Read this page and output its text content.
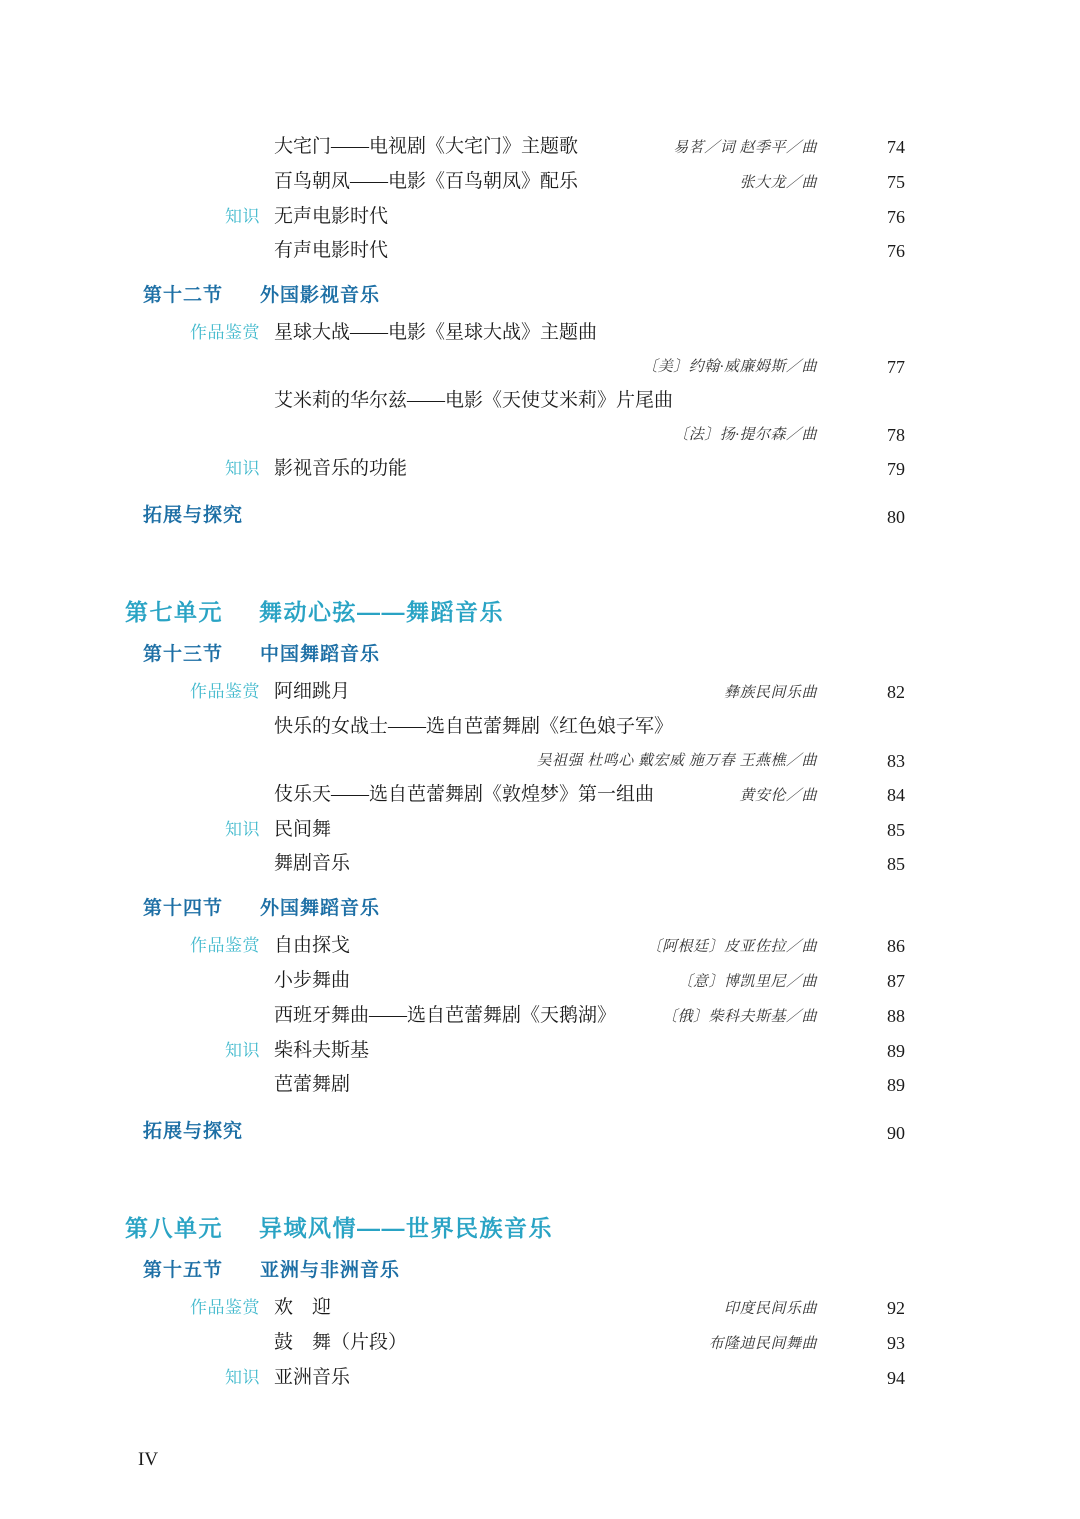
大宅门——电视剧《大宅门》主题歌	易茗／词 赵季平／曲	74
百鸟朝凤——电影《百鸟朝凤》配乐	张大龙／曲	75
知识 无声电影时代	76
有声电影时代	76
第十二节	外国影视音乐
作品鉴赏 星球大战——电影《星球大战》主题曲
〔美〕约翰·威廉姆斯／曲	77
艾米莉的华尔兹——电影《天使艾米莉》片尾曲
〔法〕扬·提尔森／曲	78
知识 影视音乐的功能	79
拓展与探究	80
第七单元 舞动心弦——舞蹈音乐
第十三节	中国舞蹈音乐
作品鉴赏 阿细跳月	彝族民间乐曲	82
快乐的女战士——选自芭蕾舞剧《红色娘子军》
吴祖强 杜鸣心 戴宏威 施万春 王燕樵／曲	83
伎乐天——选自芭蕾舞剧《敦煌梦》第一组曲	黄安伦／曲	84
知识 民间舞	85
舞剧音乐	85
第十四节	外国舞蹈音乐
作品鉴赏 自由探戈	〔阿根廷〕皮亚佐拉／曲	86
小步舞曲	〔意〕博凯里尼／曲	87
西班牙舞曲——选自芭蕾舞剧《天鹅湖》	〔俄〕柴科夫斯基／曲	88
知识 柴科夫斯基	89
芭蕾舞剧	89
拓展与探究	90
第八单元 异域风情——世界民族音乐
第十五节	亚洲与非洲音乐
作品鉴赏 欢　迎	印度民间乐曲	92
鼓　舞（片段）	布隆迪民间舞曲	93
知识 亚洲音乐	94
IV
